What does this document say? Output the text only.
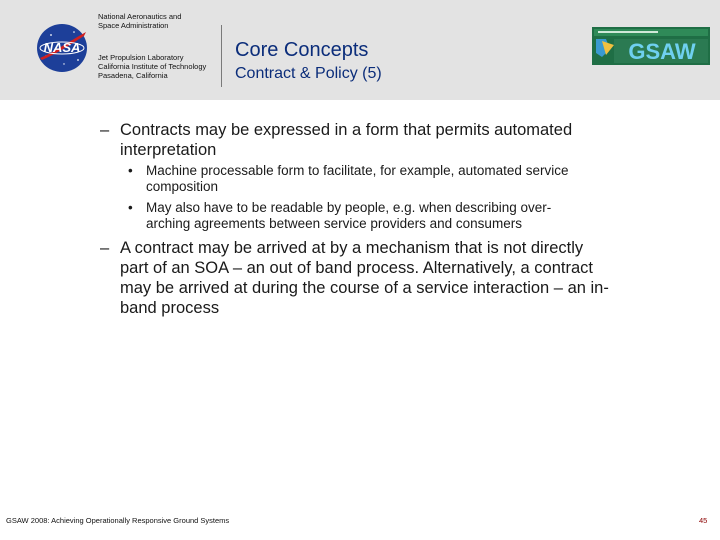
NASA
National Aeronautics and
Space Administration
Jet Propulsion Laboratory
California Institute of Technology
Pasadena, California
Core Concepts
Contract & Policy (5)
GSAW
– Contracts may be expressed in a form that permits automated
interpretation
• Machine processable form to facilitate, for example, automated service
composition
• May also have to be readable by people, e.g. when describing over-
arching agreements between service providers and consumers
– A contract may be arrived at by a mechanism that is not directly
part of an SOA – an out of band process. Alternatively, a contract
may be arrived at during the course of a service interaction – an in-
band process
GSAW 2008: Achieving Operationally Responsive Ground Systems	45
